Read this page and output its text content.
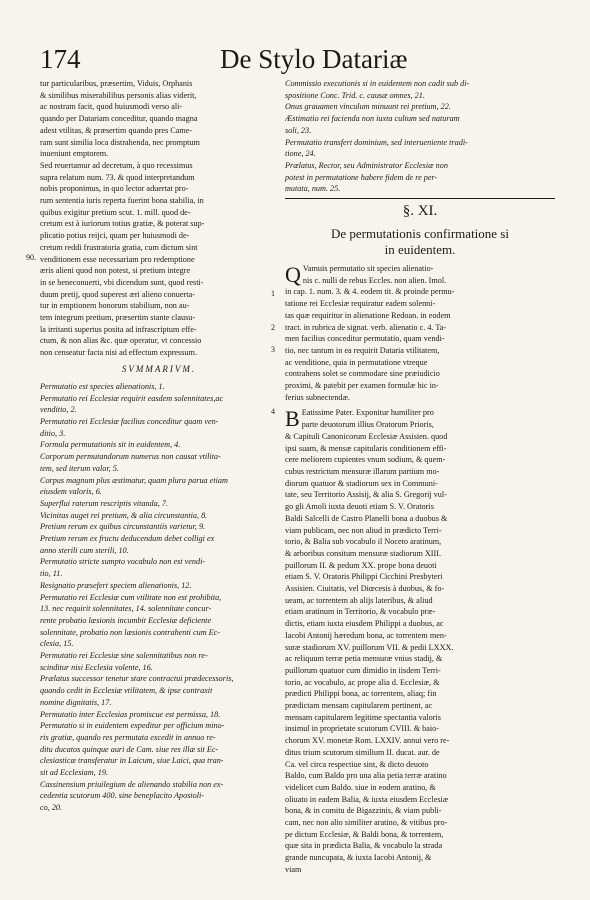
174	De Stylo Datariæ
90.
tur particularibus, præsertim, Viduis, Orphanis
& similibus miserabilibus personis alias viderit,
ac nostram facit, quod huiusmodi verso ali-
quando per Datariam conceditur, quando magna
adest vtilitas, & præsertim quando pres Came-
ram sunt similia loca distrahenda, nec promptum
inueniunt emptorem.
Sed reuertamur ad decretum, à quo recessimus
supra relatum num. 73. & quod interpretandum
nobis proponimus, in quo lector aduertat pro-
rum sententia iuris reperta fuerint bona stabilia, in
quibus exigitur pretium scut. 1. mill. quod de-
cretum est à iuriorum totius gratiæ, & poterat sup-
plicatio potius reijci, quam per huiusmodi de-
cretum reddi frustratoria gratia, cum dictum sint
venditionem esse necessariam pro redemptione
æris alieni quod non potest, si pretium integre
in se beneconuerti, vbi dicendum sunt, quod resti-
duum pretij, quod superest æri alieno conuerta-
tur in emptionem bonorum stabilium, non au-
tem integrum pretium, præsertim stante clausu-
la irritanti supertus posita ad infrascriptum effe-
ctum, & non alias &c. quæ operatur, vt concessio
non censeatur facta nisi ad effectum expressum.
SVMMARIVM.
Permutatio est species alienationis, 1.
Permutatio rei Ecclesiæ requirit easdem solennitates,ac
venditio, 2.
Permutatio rei Ecclesiæ facilius conceditur quam ven-
ditio, 3.
Formula permutationis sit in euidentem, 4.
Corporum permutandorum numerus non causat vtilita-
tem, sed iterum valor, 5.
Corpus magnum plus æstimatur, quam plura parua etiam
eiusdem valoris, 6.
Superflui raterum rescriptis vitanda, 7.
Vicinitas auget rei pretium, & alia circunstantia, 8.
Pretium rerum ex quibus circunstantiis varietur, 9.
Pretium rerum ex fructu deducendum debet colligi ex
anno sterili cum sterili, 10.
Permutatio stricte sumpto vocabulo non est vendi-
tio, 11.
Resignatio præsefert speciem alienationis, 12.
Permutatio rei Ecclesiæ cum vtilitate non est prohibita,
13. nec requirit solennitates, 14. solennitate concur-
rente probatio læsionis incumbit Ecclesiæ deficiente
solennitate, probatio non læsionis contrahenti cum Ec-
clesia, 15.
Permutatio rei Ecclesiæ sine solennitatibus non re-
scinditur nisi Ecclesia volente, 16.
Prælatus successor tenetur stare contractui prædecessoris,
quando cedit in Ecclesiæ vtilitatem, & ipse contraxit
nomine dignitatis, 17.
Permutatio inter Ecclesias promiscue est permissa, 18.
Permutatio si in euidentem expeditur per officium mino-
ris gratiæ, quando res permutata excedit in annuo re-
ditu ducatos quinque auri de Cam. siue res illæ sit Ec-
clesiasticæ transferatur in Laicum, siue Laici, qua tran-
sit ad Ecclesiam, 19.
Cassinensium priuilegium de alienando stabilia non ex-
cedentia scutorum 400. sine beneplacito Apostoli-
co, 20.
Commissio executionis si in euidentem non cadit sub di-
spositione Conc. Trid. c. causæ omnes, 21.
Onus grauamen vinculum minuunt rei pretium, 22.
Æstimatio rei facienda non iuxta cultum sed naturam
soli, 23.
Permutatio transfert dominium, sed interueniente tradi-
tione, 24.
Prælatus, Rector, seu Administrator Ecclesiæ non
potest in permutatione habere fidem de re per-
mutata, num. 25.
§. XI.
De permutationis confirmatione si
in euidentem.
1
2
3
Q Vamuis permutatio sit species alienatio-
nis c. nulli de rebus Eccles. non alien. Imol.
in cap. 1. num. 3. & 4. eodem tit. & proinde permu-
tatione rei Ecclesiæ requiratur eadem solenni-
tas quæ requiritur in alienatione Redoan. in eodem
tract. in rubrica de signat. verb. alienatio c. 4. Ta-
men facilius conceditur permutatio, quam vendi-
tio, nec tantum in ea requirit Dataria vtilitatem,
ac venditione, quia in permutatione vtreque
contrahens solet se commodare sine præiudicio
proximi, & patebit per examen formulæ hic in-
ferius subnectendæ.
4 B Eatissime Pater. Exponitur humiliter pro
parte deuotorum illius Oratorum Prioris,
& Capituli Canonicorum Ecclesiæ Assisien. quod
ipsi suam, & mensæ capitularis conditionem effi-
cere meliorem cupientes vnum sodium, & quem-
cubus restrictum mensuræ illarum partium mo-
diorum quatuor & stadiorum sex in Communi-
tate, seu Territorio Assisij, & alia S. Gregorij vul-
go gli Amoli iuxta deuoti etiam S. V. Oratoris
Baldi Salcelli de Castro Planelli bona a duobus &
viam publicam, nec non aliud in prædicto Terri-
torio, & Balia sub vocabulo il Noceto aratinum,
& arboribus consitum mensuræ stadiorum XIII.
puillorum II. & pedum XX. prope bona deuoti
etiam S. V. Oratoris Philippi Cicchini Presbyteri
Assisien. Ciuitatis, vel Diœcesis à duobus, & fo-
ueam, ac torrentem ab alijs lateribus, & aliud
etiam aratinum in Territorio, & vocabulo præ-
dictis, etiam iuxta eiusdem Philippi a duobus, ac
Iacobi Antonij hæredum bona, ac torrentem men-
suræ stadiorum XV. puillorum VII. & pedii LXXX.
ac reliquum terræ petia mensuræ vnius stadij, &
puillorum quatuor cum dimidio in iisdem Terri-
torio, ac vocabulo, ac prope alia d. Ecclesiæ, &
prædicti Philippi bona, ac torrentem, aliaq; fin
prædictam mensam capitularem pertinent, ac
mensam capitularem legitime spectantia valoris
insimul in proprietate scutorum CVIII. & baio-
chorum XV. monetæ Rom. LXXIV. annui vero re-
ditus trium scutorum similium II. ducat. aur. de
Ca. vel circa respectiue sint, & dicto deuoto
Baldo, cum Baldo pro una alia petia terræ aratino
videlicet cum Baldo. siue in eodem aratino, &
oliuato in eadem Balia, & iuxta eiusdem Ecclesiæ
bona, & in comitu de Bigazzinis, & viam publi-
cam, nec non alio similiter aratino, & vitibus pro-
pe dictum Ecclesiæ, & Baldi bona, & torrentem,
quæ sita in prædicta Balia, & vocabulo la strada
grande nuncupata, & iuxta Iacobi Antonij, &
viam
